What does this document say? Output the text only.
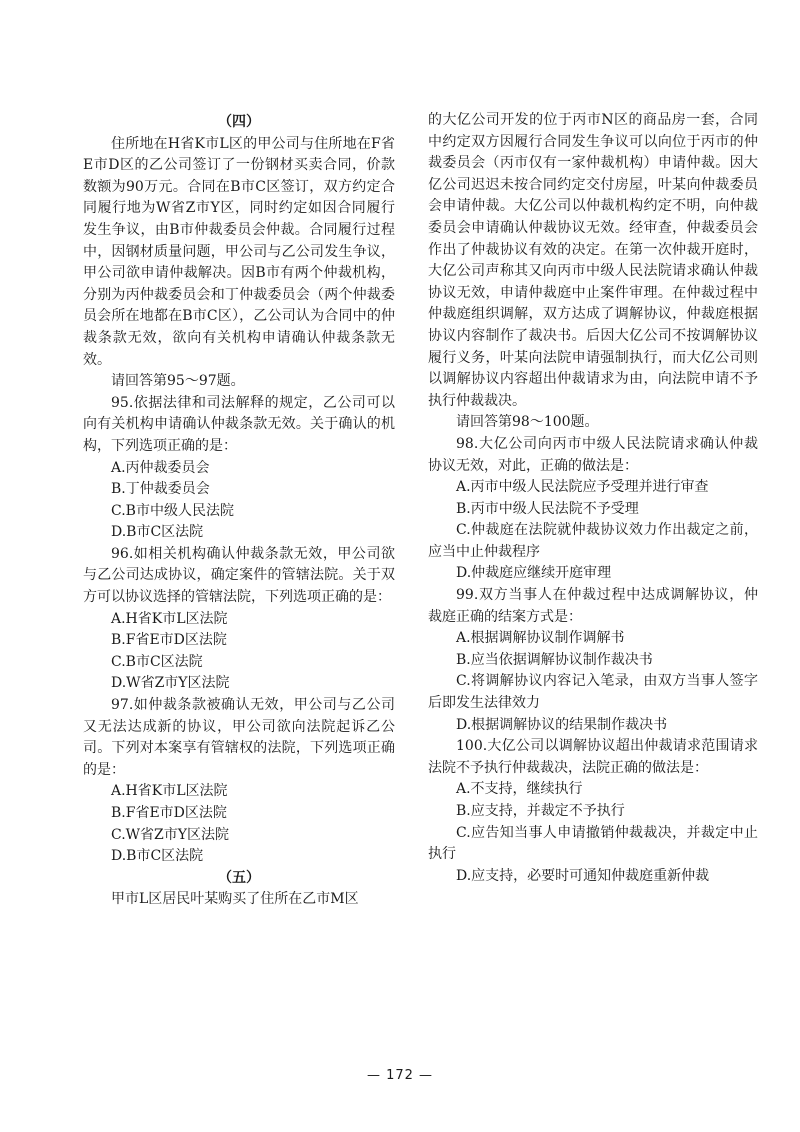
（四）

住所地在H省K市L区的甲公司与住所地在F省E市D区的乙公司签订了一份钢材买卖合同，价款数额为90万元。合同在B市C区签订，双方约定合同履行地为W省Z市Y区，同时约定如因合同履行发生争议，由B市仲裁委员会仲裁。合同履行过程中，因钢材质量问题，甲公司与乙公司发生争议，甲公司欲申请仲裁解决。因B市有两个仲裁机构，分别为丙仲裁委员会和丁仲裁委员会（两个仲裁委员会所在地都在B市C区），乙公司认为合同中的仲裁条款无效，欲向有关机构申请确认仲裁条款无效。

请回答第95～97题。

95.依据法律和司法解释的规定，乙公司可以向有关机构申请确认仲裁条款无效。关于确认的机构，下列选项正确的是：

A.丙仲裁委员会

B.丁仲裁委员会

C.B市中级人民法院

D.B市C区法院

96.如相关机构确认仲裁条款无效，甲公司欲与乙公司达成协议，确定案件的管辖法院。关于双方可以协议选择的管辖法院，下列选项正确的是：

A.H省K市L区法院

B.F省E市D区法院

C.B市C区法院

D.W省Z市Y区法院

97.如仲裁条款被确认无效，甲公司与乙公司又无法达成新的协议，甲公司欲向法院起诉乙公司。下列对本案享有管辖权的法院，下列选项正确的是：

A.H省K市L区法院

B.F省E市D区法院

C.W省Z市Y区法院

D.B市C区法院

（五）

甲市L区居民叶某购买了住所在乙市M区

的大亿公司开发的位于丙市N区的商品房一套，合同中约定双方因履行合同发生争议可以向位于丙市的仲裁委员会（丙市仅有一家仲裁机构）申请仲裁。因大亿公司迟迟未按合同约定交付房屋，叶某向仲裁委员会申请仲裁。大亿公司以仲裁机构约定不明，向仲裁委员会申请确认仲裁协议无效。经审查，仲裁委员会作出了仲裁协议有效的决定。在第一次仲裁开庭时，大亿公司声称其又向丙市中级人民法院请求确认仲裁协议无效，申请仲裁庭中止案件审理。在仲裁过程中仲裁庭组织调解，双方达成了调解协议，仲裁庭根据协议内容制作了裁决书。后因大亿公司不按调解协议履行义务，叶某向法院申请强制执行，而大亿公司则以调解协议内容超出仲裁请求为由，向法院申请不予执行仲裁裁决。

请回答第98～100题。

98.大亿公司向丙市中级人民法院请求确认仲裁协议无效，对此，正确的做法是：

A.丙市中级人民法院应予受理并进行审查

B.丙市中级人民法院不予受理

C.仲裁庭在法院就仲裁协议效力作出裁定之前，应当中止仲裁程序

D.仲裁庭应继续开庭审理

99.双方当事人在仲裁过程中达成调解协议，仲裁庭正确的结案方式是：

A.根据调解协议制作调解书

B.应当依据调解协议制作裁决书

C.将调解协议内容记入笔录，由双方当事人签字后即发生法律效力

D.根据调解协议的结果制作裁决书

100.大亿公司以调解协议超出仲裁请求范围请求法院不予执行仲裁裁决，法院正确的做法是：

A.不支持，继续执行

B.应支持，并裁定不予执行

C.应告知当事人申请撤销仲裁裁决，并裁定中止执行

D.应支持，必要时可通知仲裁庭重新仲裁

— 172 —
